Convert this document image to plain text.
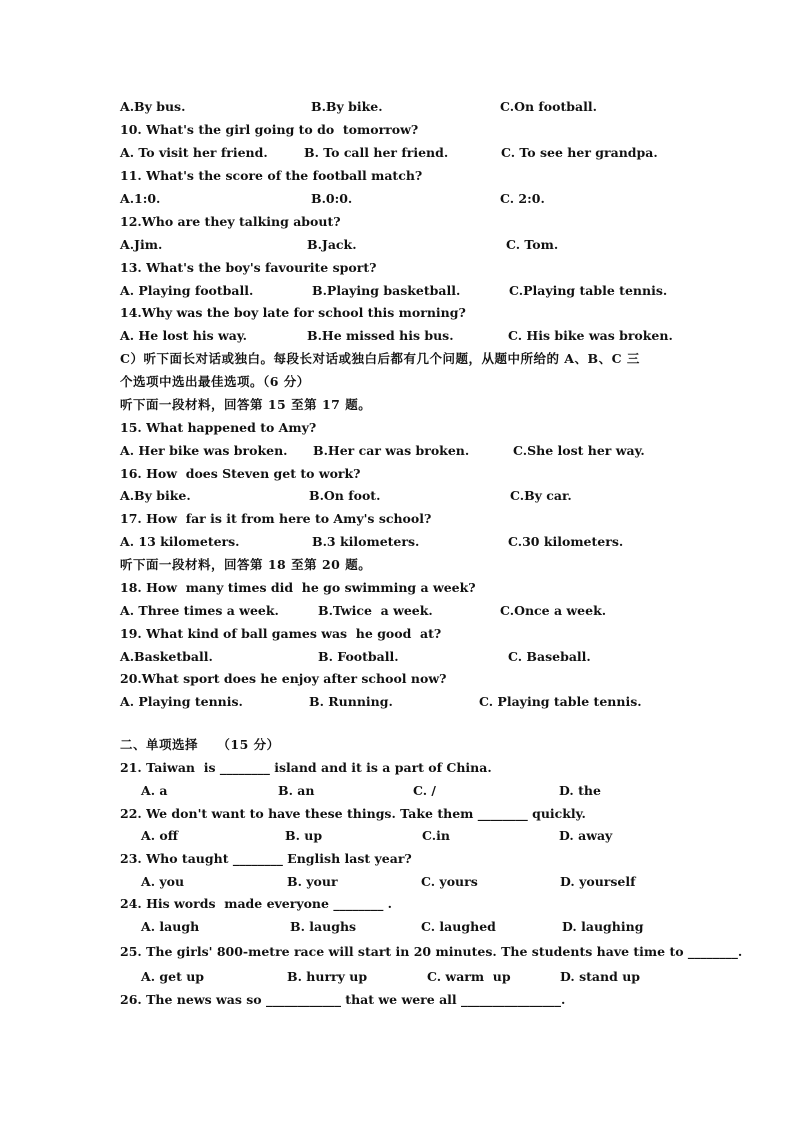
A.By bus.	B.By bike.	C.On football.
10. What's the girl going to do  tomorrow?
A. To visit her friend.	B. To call her friend.	C. To see her grandpa.
11. What's the score of the football match?
A.1:0.	B.0:0.	C. 2:0.
12.Who are they talking about?
A.Jim.	B.Jack.	C. Tom.
13. What's the boy's favourite sport?
A. Playing football.	B.Playing basketball.	C.Playing table tennis.
14.Why was the boy late for school this morning?
A. He lost his way.	B.He missed his bus.	C. His bike was broken.
C）听下面长对话或独白。每段长对话或独白后都有几个问题，从题中所给的 A、B、C 三
个选项中选出最佳选项。（6 分）
听下面一段材料，回答第 15 至第 17 题。
15. What happened to Amy?
A. Her bike was broken. B.Her car was broken.	C.She lost her way.
16. How  does Steven get to work?
A.By bike.	B.On foot.	C.By car.
17. How  far is it from here to Amy's school?
A. 13 kilometers.	B.3 kilometers.	C.30 kilometers.
听下面一段材料，回答第 18 至第 20 题。
18. How  many times did  he go swimming a week?
A. Three times a week.	B.Twice  a week.	C.Once a week.
19. What kind of ball games was  he good  at?
A.Basketball.	B. Football.	C. Baseball.
20.What sport does he enjoy after school now?
A. Playing tennis.	B. Running.	C. Playing table tennis.
二、单项选择    （15 分）
21. Taiwan  is ________ island and it is a part of China.
A. a	B. an	C. /	D. the
22. We don't want to have these things. Take them ________ quickly.
A. off	B. up	C.in	D. away
23. Who taught ________ English last year?
A. you	B. your	C. yours	D. yourself
24. His words  made everyone ________ .
A. laugh	B. laughs	C. laughed	D. laughing
25. The girls' 800-metre race will start in 20 minutes. The students have time to ________.
A. get up	B. hurry up	C. warm  up	D. stand up
26. The news was so ____________ that we were all ________________.
